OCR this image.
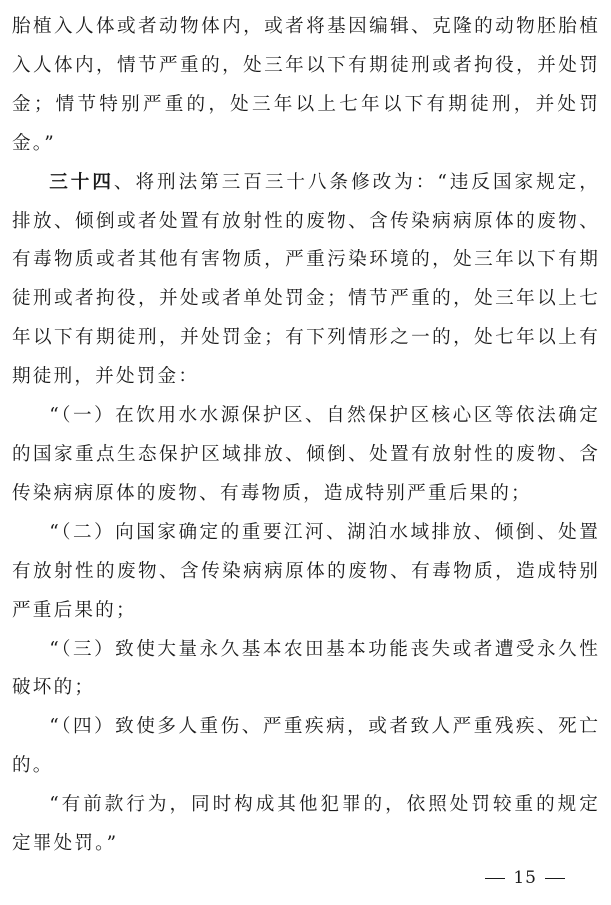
胎植入人体或者动物体内，或者将基因编辑、克隆的动物胚胎植入人体内，情节严重的，处三年以下有期徒刑或者拘役，并处罚金；情节特别严重的，处三年以上七年以下有期徒刑，并处罚金。”

三十四、将刑法第三百三十八条修改为：“违反国家规定，排放、倾倒或者处置有放射性的废物、含传染病病原体的废物、有毒物质或者其他有害物质，严重污染环境的，处三年以下有期徒刑或者拘役，并处或者单处罚金；情节严重的，处三年以上七年以下有期徒刑，并处罚金；有下列情形之一的，处七年以上有期徒刑，并处罚金：

“（一）在饮用水水源保护区、自然保护区核心区等依法确定的国家重点生态保护区域排放、倾倒、处置有放射性的废物、含传染病病原体的废物、有毒物质，造成特别严重后果的；

“（二）向国家确定的重要江河、湖泊水域排放、倾倒、处置有放射性的废物、含传染病病原体的废物、有毒物质，造成特别严重后果的；

“（三）致使大量永久基本农田基本功能丧失或者遭受永久性破坏的；

“（四）致使多人重伤、严重疾病，或者致人严重残疾、死亡的。

“有前款行为，同时构成其他犯罪的，依照处罚较重的规定定罪处罚。”

15
